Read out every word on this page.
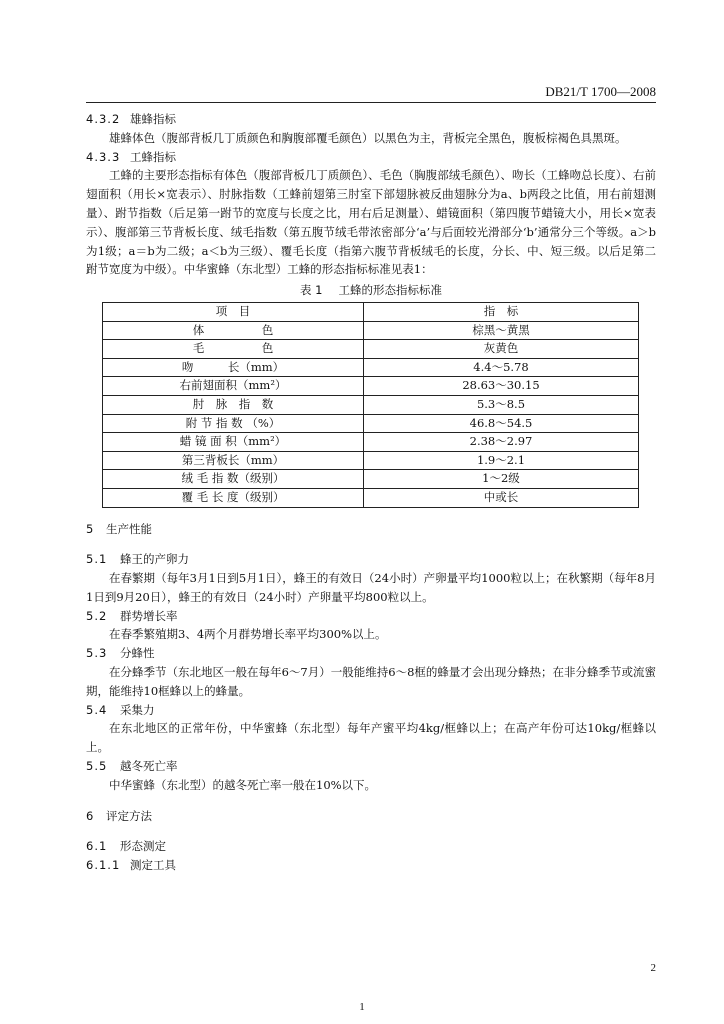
DB21/T 1700—2008

4.3.2 雄蜂指标

雄蜂体色（腹部背板几丁质颜色和胸腹部覆毛颜色）以黑色为主，背板完全黑色，腹板棕褐色具黑斑。

4.3.3 工蜂指标

工蜂的主要形态指标有体色（腹部背板几丁质颜色）、毛色（胸腹部绒毛颜色）、吻长（工蜂吻总长度）、右前翅面积（用长×宽表示）、肘脉指数（工蜂前翅第三肘室下部翅脉被反曲翅脉分为a、b两段之比值，用右前翅测量）、跗节指数（后足第一跗节的宽度与长度之比，用右后足测量）、蜡镜面积（第四腹节蜡镜大小，用长×宽表示）、腹部第三节背板长度、绒毛指数（第五腹节绒毛带浓密部分‘a’与后面较光滑部分‘b’通常分三个等级。a＞b为1级；a＝b为二级；a＜b为三级）、覆毛长度（指第六腹节背板绒毛的长度，分长、中、短三级。以后足第二跗节宽度为中级）。中华蜜蜂（东北型）工蜂的形态指标标准见表1：

表 1 工蜂的形态指标标准

项　目	指　标
体　　　　　色	棕黑～黄黑
毛　　　　　色	灰黄色
吻　　　长（mm）	4.4～5.78
右前翅面积（mm²）	28.63～30.15
肘　脉　指　数	5.3～8.5
附 节 指 数 （%）	46.8～54.5
蜡 镜 面 积（mm²）	2.38～2.97
第三背板长（mm）	1.9～2.1
绒 毛 指 数（级别）	1～2级
覆 毛 长 度（级别）	中或长

5 生产性能

5.1 蜂王的产卵力

在春繁期（每年3月1日到5月1日），蜂王的有效日（24小时）产卵量平均1000粒以上；在秋繁期（每年8月1日到9月20日），蜂王的有效日（24小时）产卵量平均800粒以上。

5.2 群势增长率

在春季繁殖期3、4两个月群势增长率平均300%以上。

5.3 分蜂性

在分蜂季节（东北地区一般在每年6～7月）一般能维持6～8框的蜂量才会出现分蜂热；在非分蜂季节或流蜜期，能维持10框蜂以上的蜂量。

5.4 采集力

在东北地区的正常年份，中华蜜蜂（东北型）每年产蜜平均4kg/框蜂以上；在高产年份可达10kg/框蜂以上。

5.5 越冬死亡率

中华蜜蜂（东北型）的越冬死亡率一般在10%以下。

6 评定方法

6.1 形态测定

6.1.1 测定工具

2
1
